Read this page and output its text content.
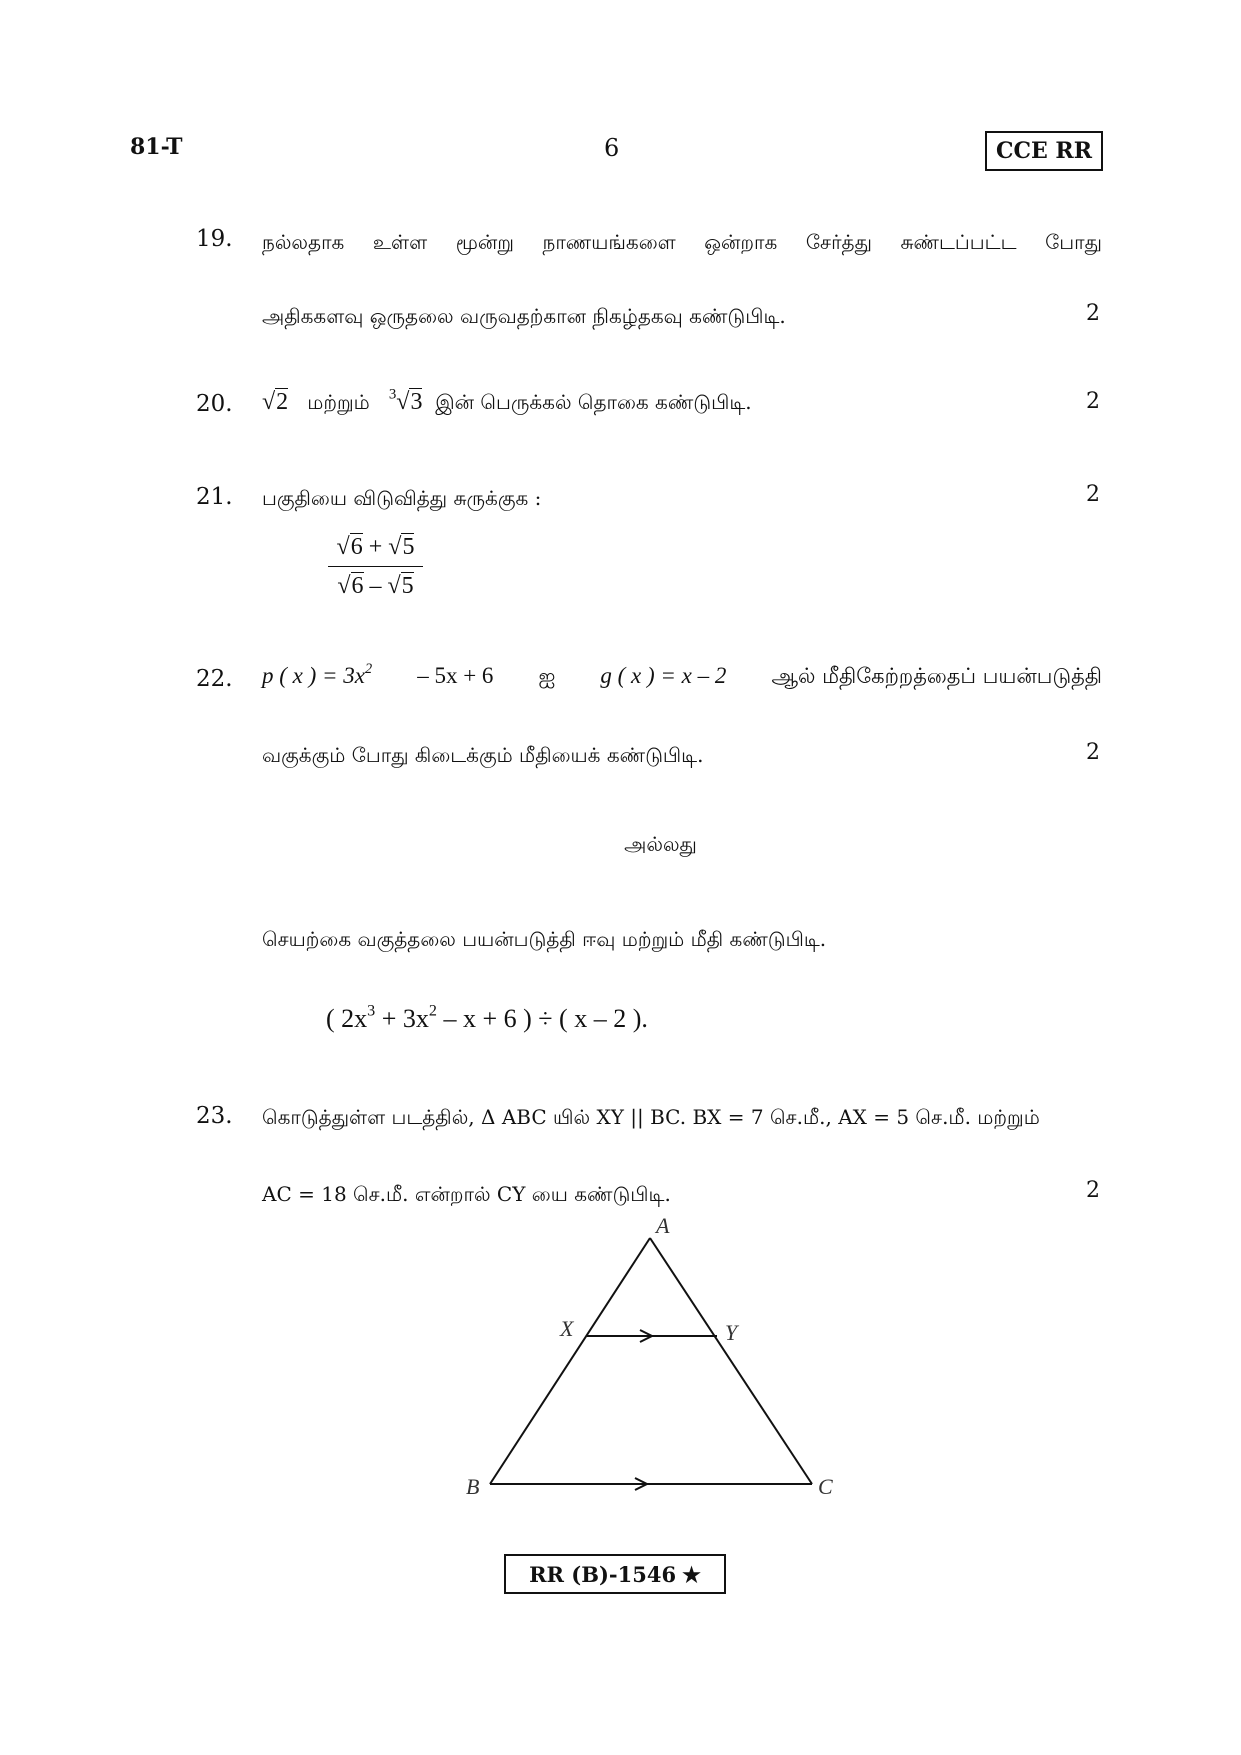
81-T	6	CCE RR
19. நல்லதாக உள்ள மூன்று நாணயங்களை ஒன்றாக சேர்த்து சுண்டப்பட்ட போது
அதிககளவு ஒருதலை வருவதற்கான நிகழ்தகவு கண்டுபிடி.	2
20. √2 மற்றும் $^3$√3 இன் பெருக்கல் தொகை கண்டுபிடி.	2
21. பகுதியை விடுவித்து சுருக்குக :	2
√6 + √5
√6 – √5
22. p ( x ) = $3x^2 - 5x + 6$ ஐ g ( x ) = x – 2 ஆல் மீதிகேற்றத்தைப் பயன்படுத்தி
வகுக்கும் போது கிடைக்கும் மீதியைக் கண்டுபிடி.	2
அல்லது
செயற்கை வகுத்தலை பயன்படுத்தி ஈவு மற்றும் மீதி கண்டுபிடி.
( $2x^3 + 3x^2 - x + 6$ ) ÷ ( x – 2 ).
23. கொடுத்துள்ள படத்தில், Δ ABC யில் XY || BC. BX = 7 செ.மீ., AX = 5 செ.மீ. மற்றும்
AC = 18 செ.மீ. என்றால் CY யை கண்டுபிடி.	2
A
X	Y
B	C
RR (B)-1546 ★
